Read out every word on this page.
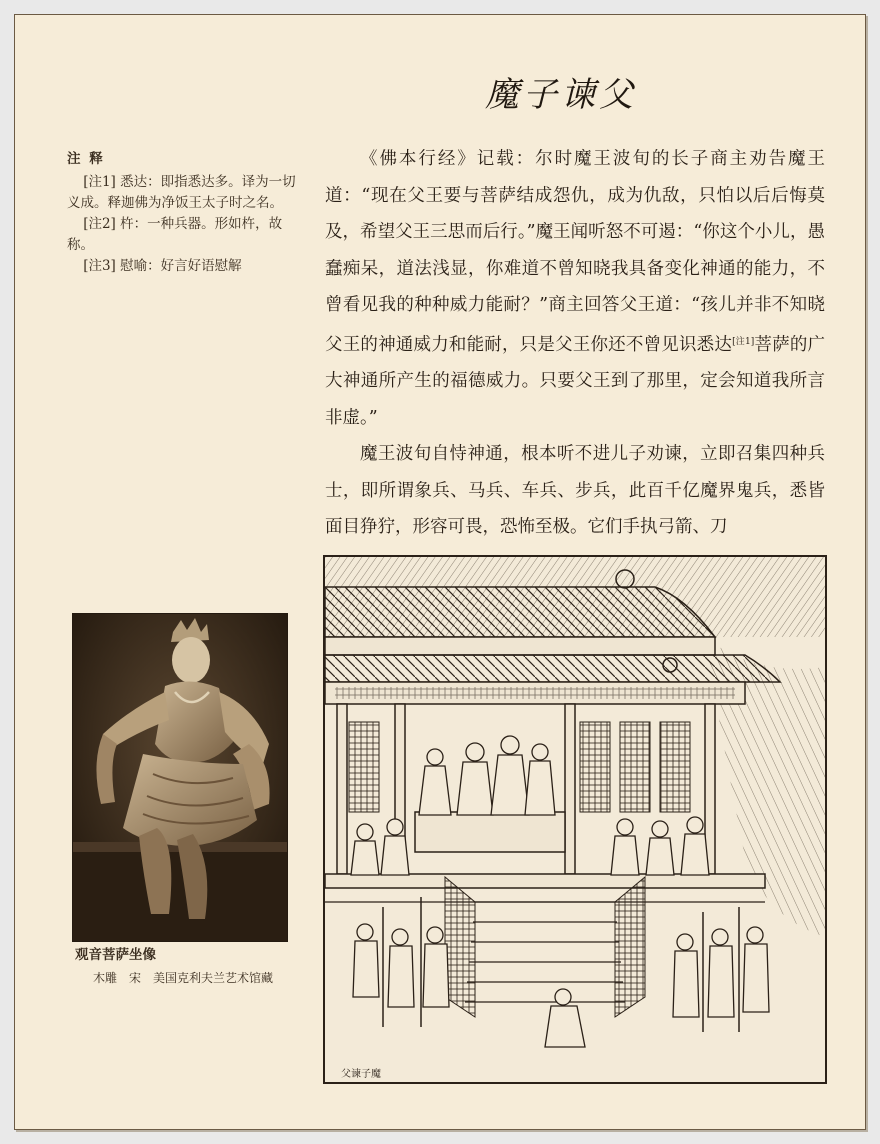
魔子谏父
注 释
[注1] 悉达：即指悉达多。译为一切义成。释迦佛为净饭王太子时之名。
[注2] 杵：一种兵器。形如杵，故称。
[注3] 慰喻：好言好语慰解

《佛本行经》记载：尔时魔王波旬的长子商主劝告魔王道：“现在父王要与菩萨结成怨仇，成为仇敌，只怕以后后悔莫及，希望父王三思而后行。”魔王闻听怒不可遏：“你这个小儿，愚蠢痴呆，道法浅显，你难道不曾知晓我具备变化神通的能力，不曾看见我的种种威力能耐？”商主回答父王道：“孩儿并非不知晓父王的神通威力和能耐，只是父王你还不曾见识悉达[注1]菩萨的广大神通所产生的福德威力。只要父王到了那里，定会知道我所言非虚。”

魔王波旬自恃神通，根本听不进儿子劝谏，立即召集四种兵士，即所谓象兵、马兵、车兵、步兵，此百千亿魔界鬼兵，悉皆面目狰狞，形容可畏，恐怖至极。它们手执弓箭、刀

观音菩萨坐像
木雕　宋　美国克利夫兰艺术馆藏
父谏子魔
